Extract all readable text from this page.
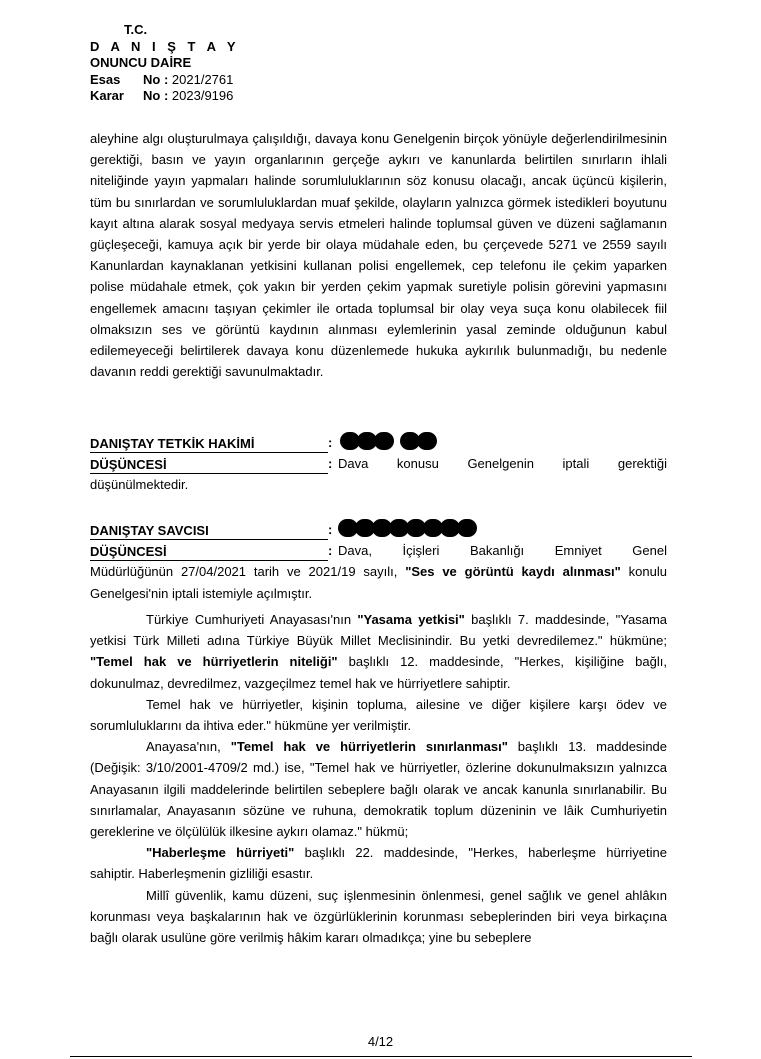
T.C.
D A N I Ş T A Y
ONUNCU DAİRE
Esas No : 2021/2761
Karar No : 2023/9196

aleyhine algı oluşturulmaya çalışıldığı, davaya konu Genelgenin birçok yönüyle değerlendirilmesinin gerektiği, basın ve yayın organlarının gerçeğe aykırı ve kanunlarda belirtilen sınırların ihlali niteliğinde yayın yapmaları halinde sorumluluklarının söz konusu olacağı, ancak üçüncü kişilerin, tüm bu sınırlardan ve sorumluluklardan muaf şekilde, olayların yalnızca görmek istedikleri boyutunu kayıt altına alarak sosyal medyaya servis etmeleri halinde toplumsal güven ve düzeni sağlamanın güçleşeceği, kamuya açık bir yerde bir olaya müdahale eden, bu çerçevede 5271 ve 2559 sayılı Kanunlardan kaynaklanan yetkisini kullanan polisi engellemek, cep telefonu ile çekim yaparken polise müdahale etmek, çok yakın bir yerden çekim yapmak suretiyle polisin görevini yapmasını engellemek amacını taşıyan çekimler ile ortada toplumsal bir olay veya suça konu olabilecek fiil olmaksızın ses ve görüntü kaydının alınması eylemlerinin yasal zeminde olduğunun kabul edilemeyeceği belirtilerek davaya konu düzenlemede hukuka aykırılık bulunmadığı, bu nedenle davanın reddi gerektiği savunulmaktadır.

DANIŞTAY TETKİK HAKİMİ	:
DÜŞÜNCESİ	: Dava      konusu      Genelgenin      iptali      gerektiği
düşünülmektedir.
DANIŞTAY SAVCISI	:
DÜŞÜNCESİ	: Dava,      İçişleri      Bakanlığı      Emniyet      Genel
Müdürlüğünün 27/04/2021 tarih ve 2021/19 sayılı, "Ses ve görüntü kaydı alınması" konulu Genelgesi'nin iptali istemiyle açılmıştır.

Türkiye Cumhuriyeti Anayasası'nın "Yasama yetkisi" başlıklı 7. maddesinde, "Yasama yetkisi Türk Milleti adına Türkiye Büyük Millet Meclisinindir. Bu yetki devredilemez." hükmüne; "Temel hak ve hürriyetlerin niteliği" başlıklı 12. maddesinde, "Herkes, kişiliğine bağlı, dokunulmaz, devredilmez, vazgeçilmez temel hak ve hürriyetlere sahiptir.

Temel hak ve hürriyetler, kişinin topluma, ailesine ve diğer kişilere karşı ödev ve sorumluluklarını da ihtiva eder." hükmüne yer verilmiştir.

Anayasa'nın, "Temel hak ve hürriyetlerin sınırlanması" başlıklı 13. maddesinde (Değişik: 3/10/2001-4709/2 md.) ise, "Temel hak ve hürriyetler, özlerine dokunulmaksızın yalnızca Anayasanın ilgili maddelerinde belirtilen sebeplere bağlı olarak ve ancak kanunla sınırlanabilir. Bu sınırlamalar, Anayasanın sözüne ve ruhuna, demokratik toplum düzeninin ve lâik Cumhuriyetin gereklerine ve ölçülülük ilkesine aykırı olamaz." hükmü;

"Haberleşme hürriyeti" başlıklı 22. maddesinde, "Herkes, haberleşme hürriyetine sahiptir. Haberleşmenin gizliliği esastır.

Millî güvenlik, kamu düzeni, suç işlenmesinin önlenmesi, genel sağlık ve genel ahlâkın korunması veya başkalarının hak ve özgürlüklerinin korunması sebeplerinden biri veya birkaçına bağlı olarak usulüne göre verilmiş hâkim kararı olmadıkça; yine bu sebeplere

4/12
